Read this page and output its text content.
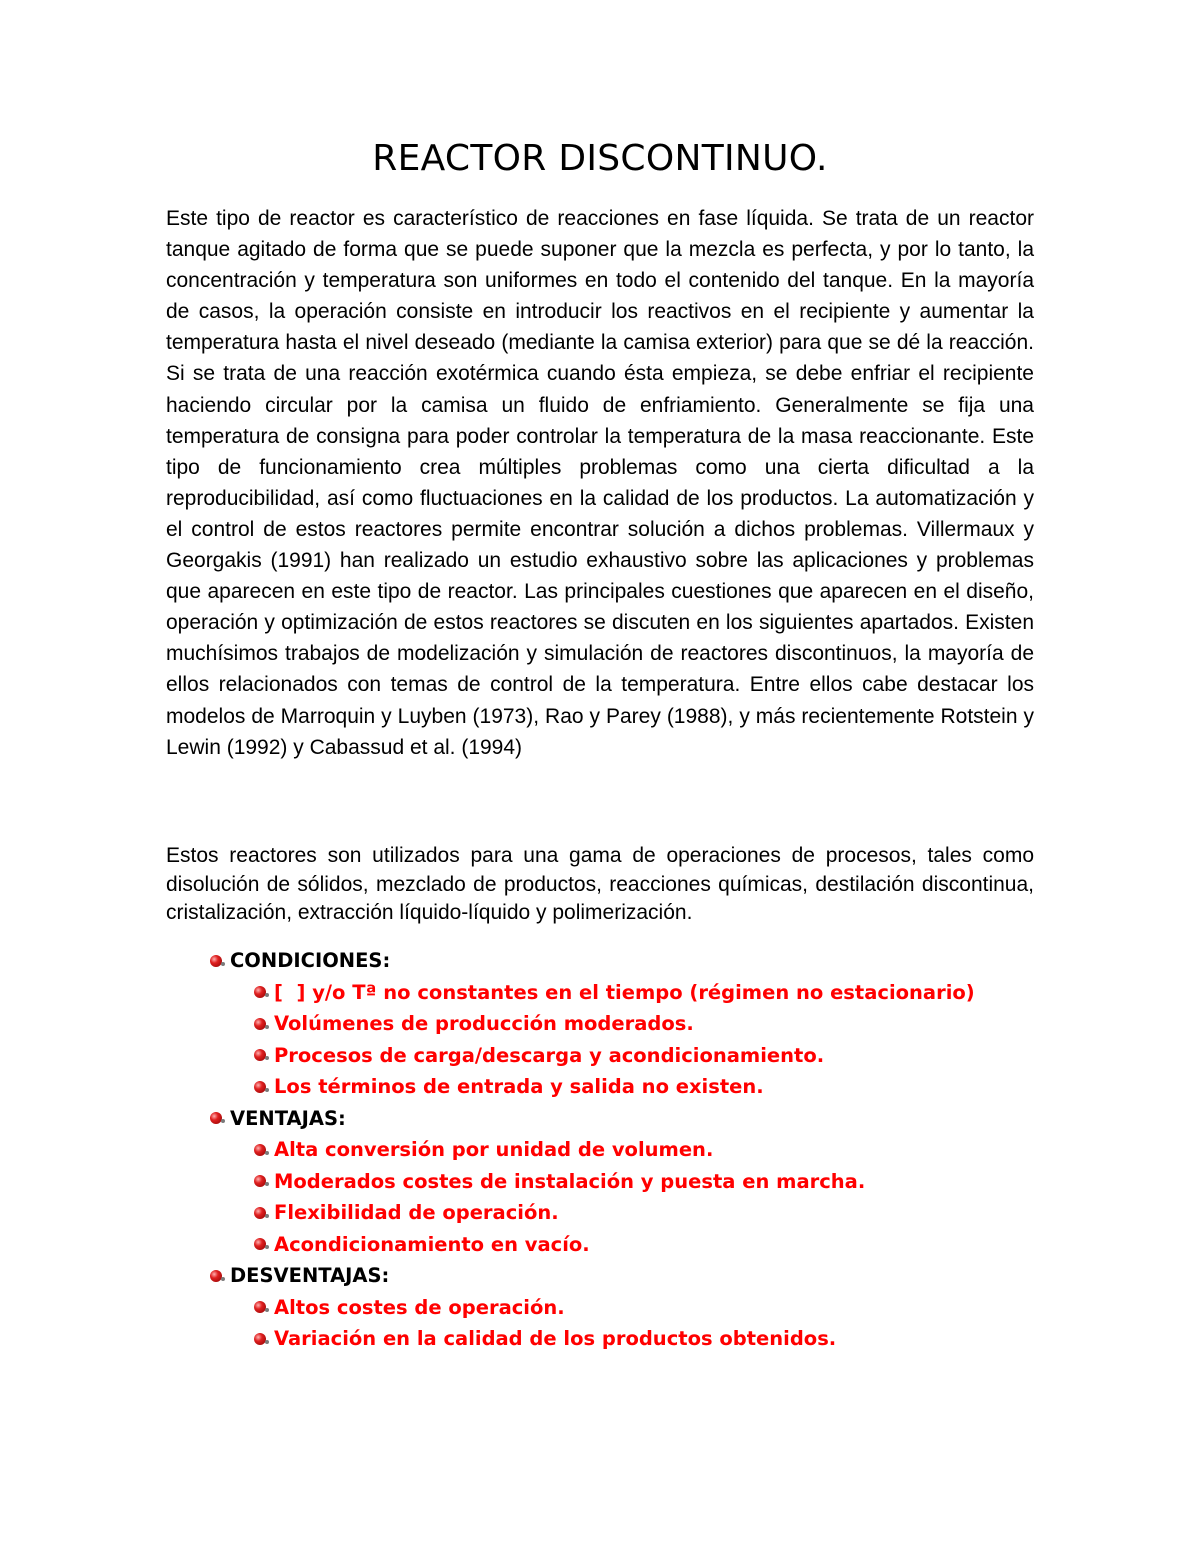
REACTOR DISCONTINUO.

Este tipo de reactor es característico de reacciones en fase líquida. Se trata de un reactor tanque agitado de forma que se puede suponer que la mezcla es perfecta, y por lo tanto, la concentración y temperatura son uniformes en todo el contenido del tanque. En la mayoría de casos, la operación consiste en introducir los reactivos en el recipiente y aumentar la temperatura hasta el nivel deseado (mediante la camisa exterior) para que se dé la reacción. Si se trata de una reacción exotérmica cuando ésta empieza, se debe enfriar el recipiente haciendo circular por la camisa un fluido de enfriamiento. Generalmente se fija una temperatura de consigna para poder controlar la temperatura de la masa reaccionante. Este tipo de funcionamiento crea múltiples problemas como una cierta dificultad a la reproducibilidad, así como fluctuaciones en la calidad de los productos. La automatización y el control de estos reactores permite encontrar solución a dichos problemas. Villermaux y Georgakis (1991) han realizado un estudio exhaustivo sobre las aplicaciones y problemas que aparecen en este tipo de reactor. Las principales cuestiones que aparecen en el diseño, operación y optimización de estos reactores se discuten en los siguientes apartados. Existen muchísimos trabajos de modelización y simulación de reactores discontinuos, la mayoría de ellos relacionados con temas de control de la temperatura. Entre ellos cabe destacar los modelos de Marroquin y Luyben (1973), Rao y Parey (1988), y más recientemente Rotstein y Lewin (1992) y Cabassud et al. (1994)

Estos reactores son utilizados para una gama de operaciones de procesos, tales como disolución de sólidos, mezclado de productos, reacciones químicas, destilación discontinua, cristalización, extracción líquido-líquido y polimerización.

CONDICIONES:
[  ] y/o Tª no constantes en el tiempo (régimen no estacionario)
Volúmenes de producción moderados.
Procesos de carga/descarga y acondicionamiento.
Los términos de entrada y salida no existen.
VENTAJAS:
Alta conversión por unidad de volumen.
Moderados costes de instalación y puesta en marcha.
Flexibilidad de operación.
Acondicionamiento en vacío.
DESVENTAJAS:
Altos costes de operación.
Variación en la calidad de los productos obtenidos.
